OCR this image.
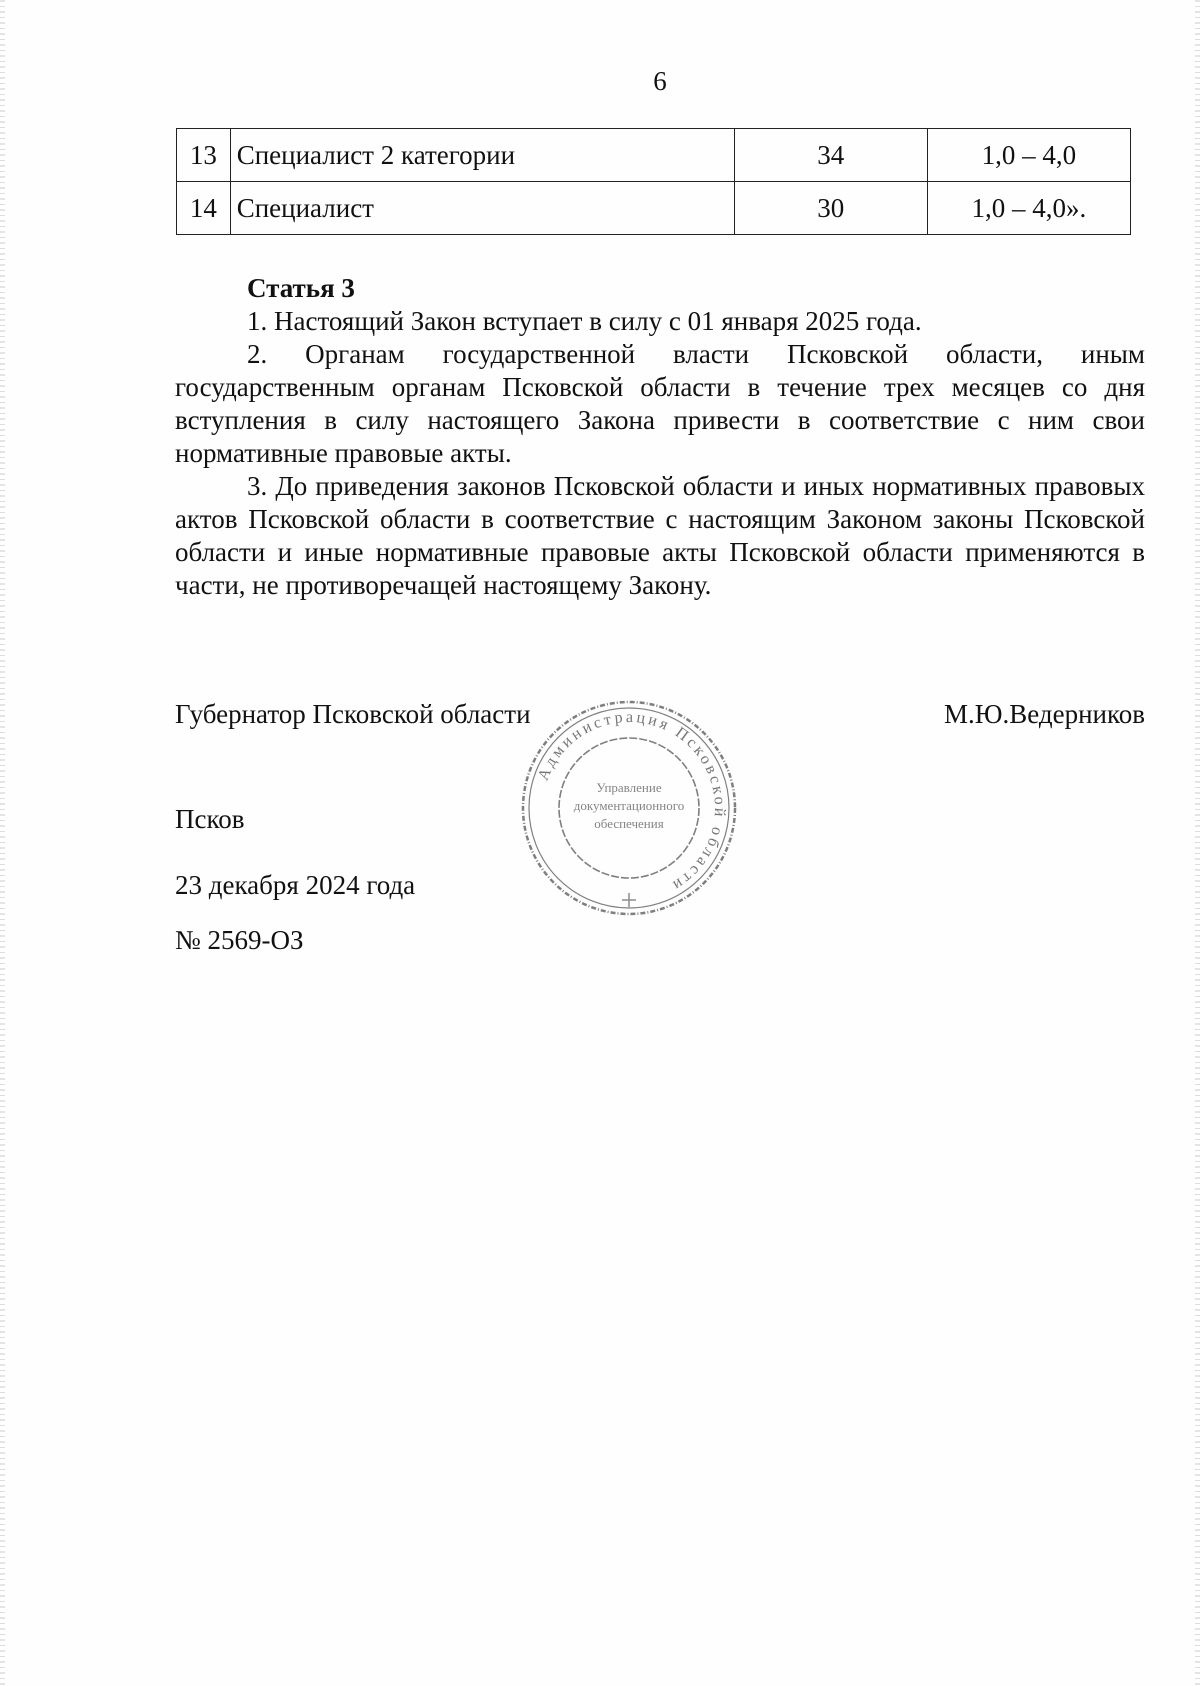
6
13	Специалист 2 категории	34	1,0 – 4,0
14	Специалист	30	1,0 – 4,0».

Статья 3

1. Настоящий Закон вступает в силу с 01 января 2025 года.

2. Органам государственной власти Псковской области, иным государственным органам Псковской области в течение трех месяцев со дня вступления в силу настоящего Закона привести в соответствие с ним свои нормативные правовые акты.

3. До приведения законов Псковской области и иных нормативных правовых актов Псковской области в соответствие с настоящим Законом законы Псковской области и иные нормативные правовые акты Псковской области применяются в части, не противоречащей настоящему Закону.

Губернатор Псковской области	М.Ю.Ведерников
Псков
23 декабря 2024 года
№ 2569-ОЗ
Администрация Псковской области
Управление
документационного
обеспечения
